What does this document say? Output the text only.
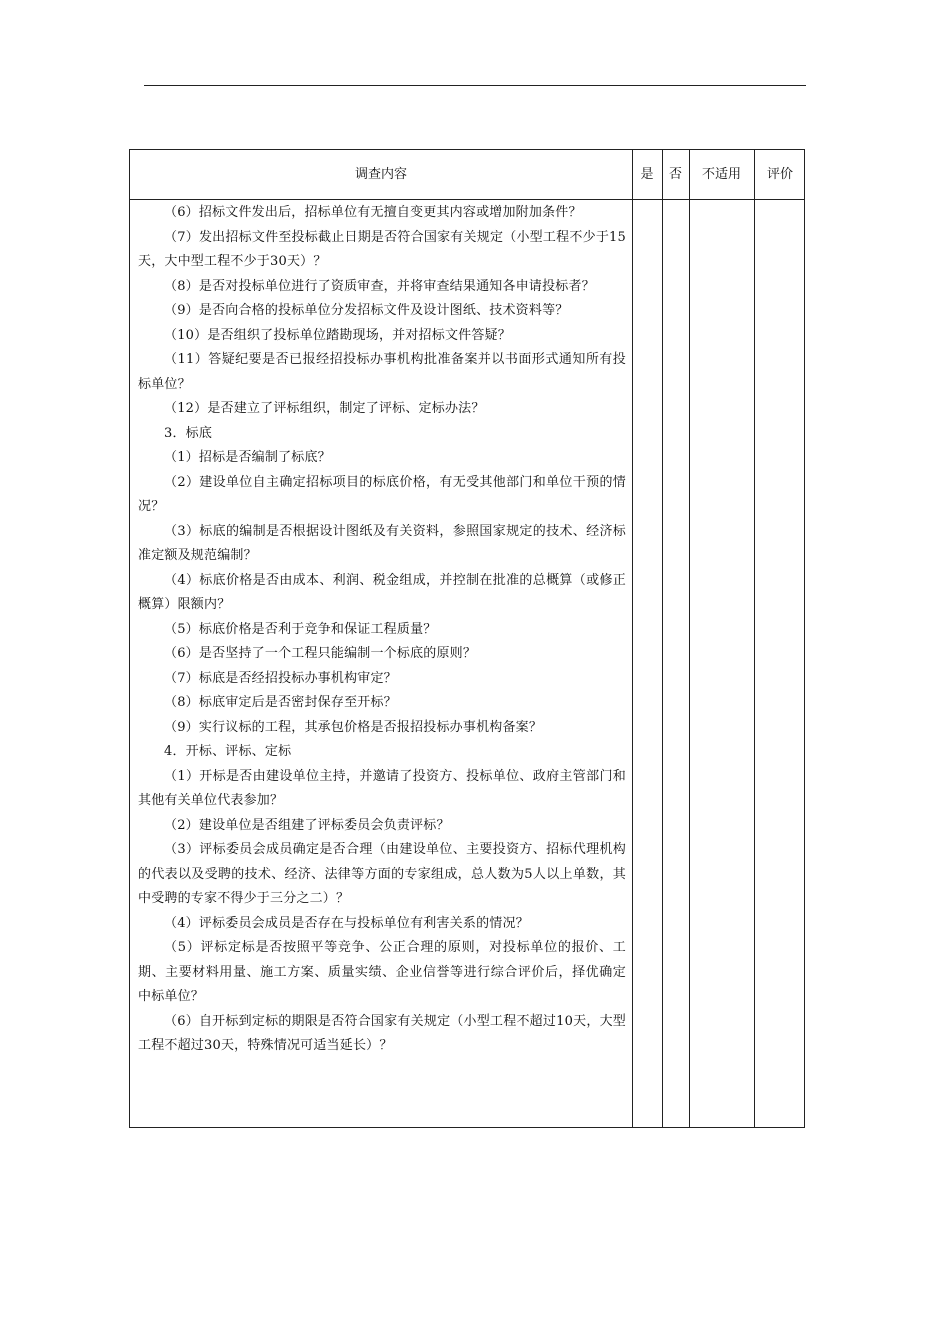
调查内容	是	否	不适用	评价

（6）招标文件发出后，招标单位有无擅自变更其内容或增加附加条件？

（7）发出招标文件至投标截止日期是否符合国家有关规定（小型工程不少于15天，大中型工程不少于30天）？

（8）是否对投标单位进行了资质审查，并将审查结果通知各申请投标者？

（9）是否向合格的投标单位分发招标文件及设计图纸、技术资料等？

（10）是否组织了投标单位踏勘现场，并对招标文件答疑？

（11）答疑纪要是否已报经招投标办事机构批准备案并以书面形式通知所有投标单位？

（12）是否建立了评标组织，制定了评标、定标办法？

3．标底

（1）招标是否编制了标底？

（2）建设单位自主确定招标项目的标底价格，有无受其他部门和单位干预的情况？

（3）标底的编制是否根据设计图纸及有关资料，参照国家规定的技术、经济标准定额及规范编制？

（4）标底价格是否由成本、利润、税金组成，并控制在批准的总概算（或修正概算）限额内？

（5）标底价格是否利于竞争和保证工程质量？

（6）是否坚持了一个工程只能编制一个标底的原则？

（7）标底是否经招投标办事机构审定？

（8）标底审定后是否密封保存至开标？

（9）实行议标的工程，其承包价格是否报招投标办事机构备案？

4．开标、评标、定标

（1）开标是否由建设单位主持，并邀请了投资方、投标单位、政府主管部门和其他有关单位代表参加？

（2）建设单位是否组建了评标委员会负责评标？

（3）评标委员会成员确定是否合理（由建设单位、主要投资方、招标代理机构的代表以及受聘的技术、经济、法律等方面的专家组成，总人数为5人以上单数，其中受聘的专家不得少于三分之二）？

（4）评标委员会成员是否存在与投标单位有利害关系的情况？

（5）评标定标是否按照平等竞争、公正合理的原则，对投标单位的报价、工期、主要材料用量、施工方案、质量实绩、企业信誉等进行综合评价后，择优确定中标单位？

（6）自开标到定标的期限是否符合国家有关规定（小型工程不超过10天，大型工程不超过30天，特殊情况可适当延长）？
